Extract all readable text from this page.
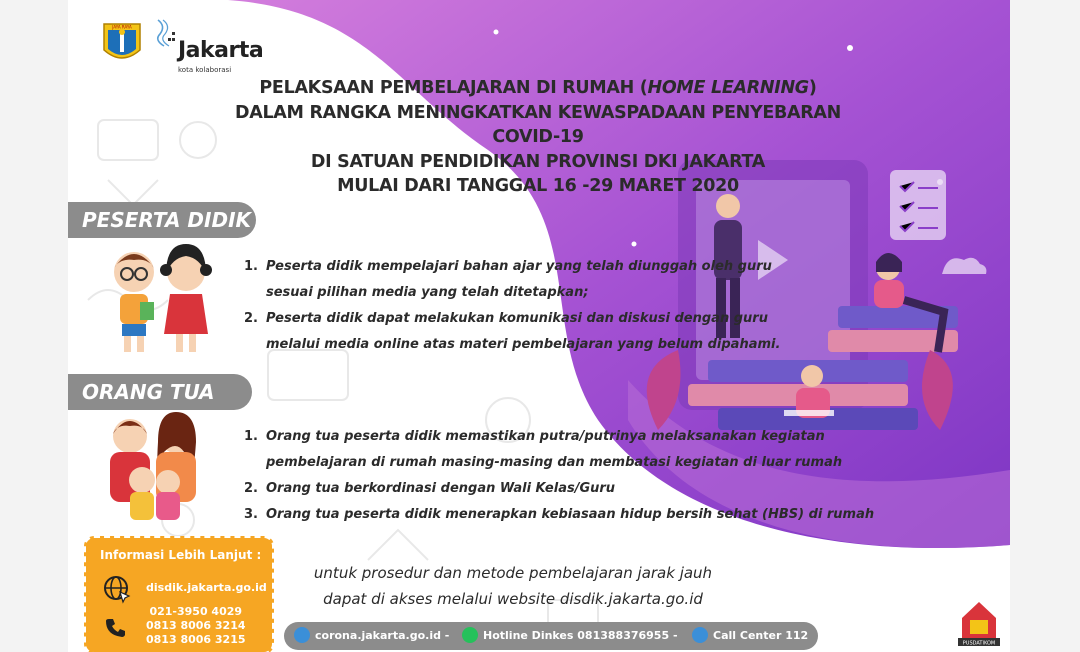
JAYA RAYA
Jakarta
kota kolaborasi
PELAKSAAN PEMBELAJARAN DI RUMAH (HOME LEARNING)
DALAM RANGKA MENINGKATKAN KEWASPADAAN PENYEBARAN
COVID-19
DI SATUAN PENDIDIKAN PROVINSI DKI JAKARTA
MULAI DARI TANGGAL 16 -29 MARET 2020
PESERTA DIDIK
1. Peserta didik mempelajari bahan ajar yang telah diunggah oleh guru
sesuai pilihan media yang telah ditetapkan;
2. Peserta didik dapat melakukan komunikasi dan diskusi dengan guru
melalui media online atas materi pembelajaran yang belum dipahami.
ORANG TUA
1. Orang tua peserta didik memastikan putra/putrinya melaksanakan kegiatan
pembelajaran di rumah masing-masing dan membatasi kegiatan di luar rumah
2. Orang tua berkordinasi dengan Wali Kelas/Guru
3. Orang tua peserta didik menerapkan kebiasaan hidup bersih sehat (HBS) di rumah
Informasi Lebih Lanjut :
disdik.jakarta.go.id
021-3950 4029
0813 8006 3214
0813 8006 3215
untuk prosedur dan metode pembelajaran jarak jauh
dapat di akses melalui website disdik.jakarta.go.id
corona.jakarta.go.id -	Hotline Dinkes 081388376955 -	Call Center 112
PUSDATIKOM
